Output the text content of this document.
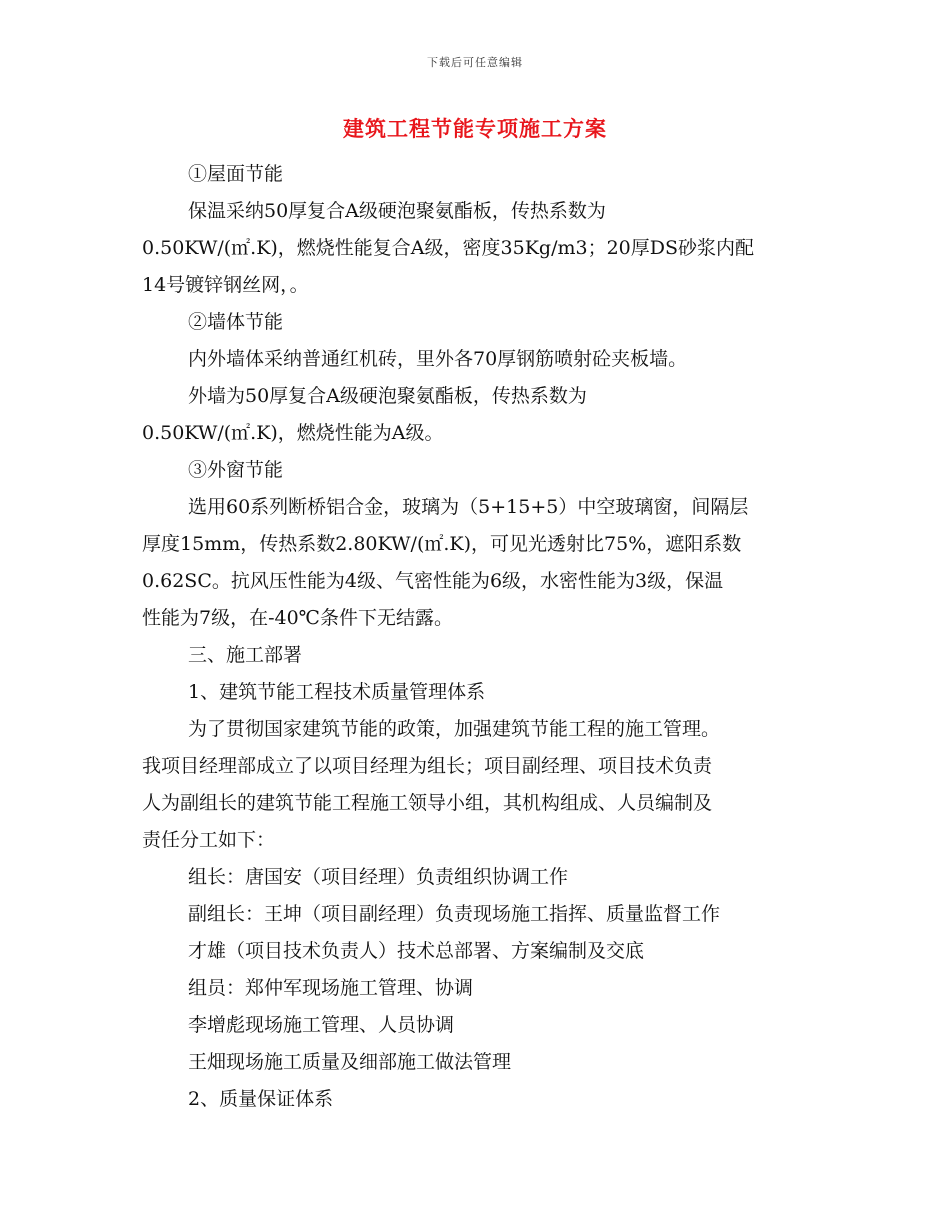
下载后可任意编辑
建筑工程节能专项施工方案
①屋面节能
保温采纳50厚复合A级硬泡聚氨酯板，传热系数为
0.50KW/(㎡.K)，燃烧性能复合A级，密度35Kg/m3；20厚DS砂浆内配
14号镀锌钢丝网，。
②墙体节能
内外墙体采纳普通红机砖，里外各70厚钢筋喷射砼夹板墙。
外墙为50厚复合A级硬泡聚氨酯板，传热系数为
0.50KW/(㎡.K)，燃烧性能为A级。
③外窗节能
选用60系列断桥铝合金，玻璃为（5+15+5）中空玻璃窗，间隔层
厚度15mm，传热系数2.80KW/(㎡.K)，可见光透射比75%，遮阳系数
0.62SC。抗风压性能为4级、气密性能为6级，水密性能为3级，保温
性能为7级，在-40℃条件下无结露。
三、施工部署
1、建筑节能工程技术质量管理体系
为了贯彻国家建筑节能的政策，加强建筑节能工程的施工管理。
我项目经理部成立了以项目经理为组长；项目副经理、项目技术负责
人为副组长的建筑节能工程施工领导小组，其机构组成、人员编制及
责任分工如下：
组长：唐国安（项目经理）负责组织协调工作
副组长：王坤（项目副经理）负责现场施工指挥、质量监督工作
才雄（项目技术负责人）技术总部署、方案编制及交底
组员：郑仲军现场施工管理、协调
李增彪现场施工管理、人员协调
王畑现场施工质量及细部施工做法管理
2、质量保证体系
